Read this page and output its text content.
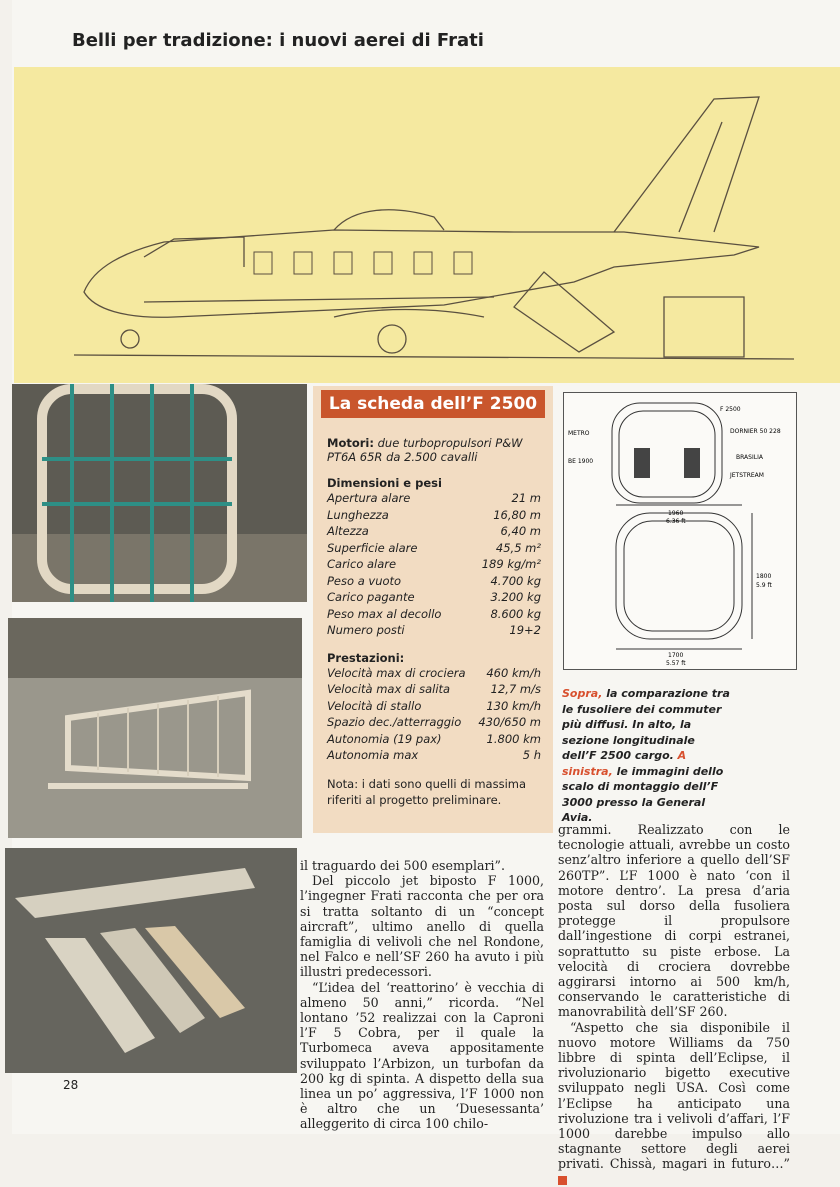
Belli per tradizione: i nuovi aerei di Frati
La scheda dell’F 2500

Motori: due turbopropulsori P&W PT6A 65R da 2.500 cavalli

Dimensioni e pesi

Apertura alare	21 m
Lunghezza	16,80 m
Altezza	6,40 m
Superficie alare	45,5 m²
Carico alare	189 kg/m²
Peso a vuoto	4.700 kg
Carico pagante	3.200 kg
Peso max al decollo	8.600 kg
Numero posti	19+2

Prestazioni:

Velocità max di crociera 460 km/h
Velocità max di salita	12,7 m/s
Velocità di stallo	130 km/h
Spazio dec./atterraggio 430/650 m
Autonomia (19 pax)	1.800 km
Autonomia max	5 h

Nota: i dati sono quelli di massima riferiti al progetto preliminare.

F 2500
METRO	DORNIER 50 228
BE 1900
BRASILIA
JETSTREAM
1960
6.36 ft
1800
5.9 ft
1700
5.57 ft
Sopra, la comparazione tra le fusoliere dei commuter più diffusi. In alto, la sezione longitudinale dell’F 2500 cargo. A sinistra, le immagini dello scalo di montaggio dell’F 3000 presso la General Avia.

il traguardo dei 500 esemplari”.

Del piccolo jet biposto F 1000, l’ingegner Frati racconta che per ora si tratta soltanto di un “concept aircraft”, ultimo anello di quella famiglia di velivoli che nel Rondone, nel Falco e nell’SF 260 ha avuto i più illustri predecessori.

“L’idea del ‘reattorino’ è vecchia di almeno 50 anni,” ricorda. “Nel lontano ’52 realizzai con la Caproni l’F 5 Cobra, per il quale la Turbomeca aveva appositamente sviluppato l’Arbizon, un turbofan da 200 kg di spinta. A dispetto della sua linea un po’ aggressiva, l’F 1000 non è altro che un ‘Duesessanta’ alleggerito di circa 100 chilo-

grammi. Realizzato con le tecnologie attuali, avrebbe un costo senz’altro inferiore a quello dell’SF 260TP”. L’F 1000 è nato ‘con il motore dentro’. La presa d’aria posta sul dorso della fusoliera protegge il propulsore dall’ingestione di corpi estranei, soprattutto su piste erbose. La velocità di crociera dovrebbe aggirarsi intorno ai 500 km/h, conservando le caratteristiche di manovrabilità dell’SF 260.

“Aspetto che sia disponibile il nuovo motore Williams da 750 libbre di spinta dell’Eclipse, il rivoluzionario bigetto executive sviluppato negli USA. Così come l’Eclipse ha anticipato una rivoluzione tra i velivoli d’affari, l’F 1000 darebbe impulso allo stagnante settore degli aerei privati. Chissà, magari in futuro…”

28
